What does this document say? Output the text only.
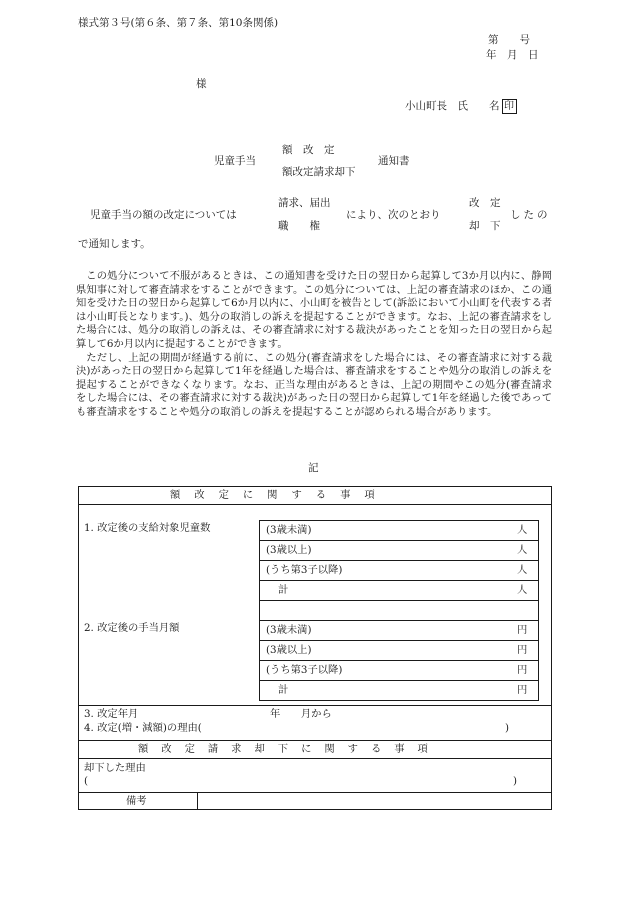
様式第３号(第６条、第７条、第10条関係)
第　　号
年　月　日
様
小山町長　氏　　名 印
額　改　定
児童手当	通知書
額改定請求却下
請求、届出	改　定
児童手当の額の改定については	により、次のとおり	したの
職　　権	却　下
で通知します。

この処分について不服があるときは、この通知書を受けた日の翌日から起算して3か月以内に、静岡県知事に対して審査請求をすることができます。この処分については、上記の審査請求のほか、この通知を受けた日の翌日から起算して6か月以内に、小山町を被告として(訴訟において小山町を代表する者は小山町長となります。)、処分の取消しの訴えを提起することができます。なお、上記の審査請求をした場合には、処分の取消しの訴えは、その審査請求に対する裁決があったことを知った日の翌日から起算して6か月以内に提起することができます。

ただし、上記の期間が経過する前に、この処分(審査請求をした場合には、その審査請求に対する裁決)があった日の翌日から起算して1年を経過した場合は、審査請求をすることや処分の取消しの訴えを提起することができなくなります。なお、正当な理由があるときは、上記の期間やこの処分(審査請求をした場合には、その審査請求に対する裁決)があった日の翌日から起算して1年を経過した後であっても審査請求をすることや処分の取消しの訴えを提起することが認められる場合があります。

記
額改定に関する事項
1. 改定後の支給対象児童数
2. 改定後の手当月額
(3歳未満)	人
(3歳以上)	人
(うち第3子以降)	人
計	人
(3歳未満)	円
(3歳以上)	円
(うち第3子以降)	円
計	円
3. 改定年月	年　　月から
4. 改定(増・減額)の理由(	)
額改定請求却下に関する事項
却下した理由
(	)
備考
